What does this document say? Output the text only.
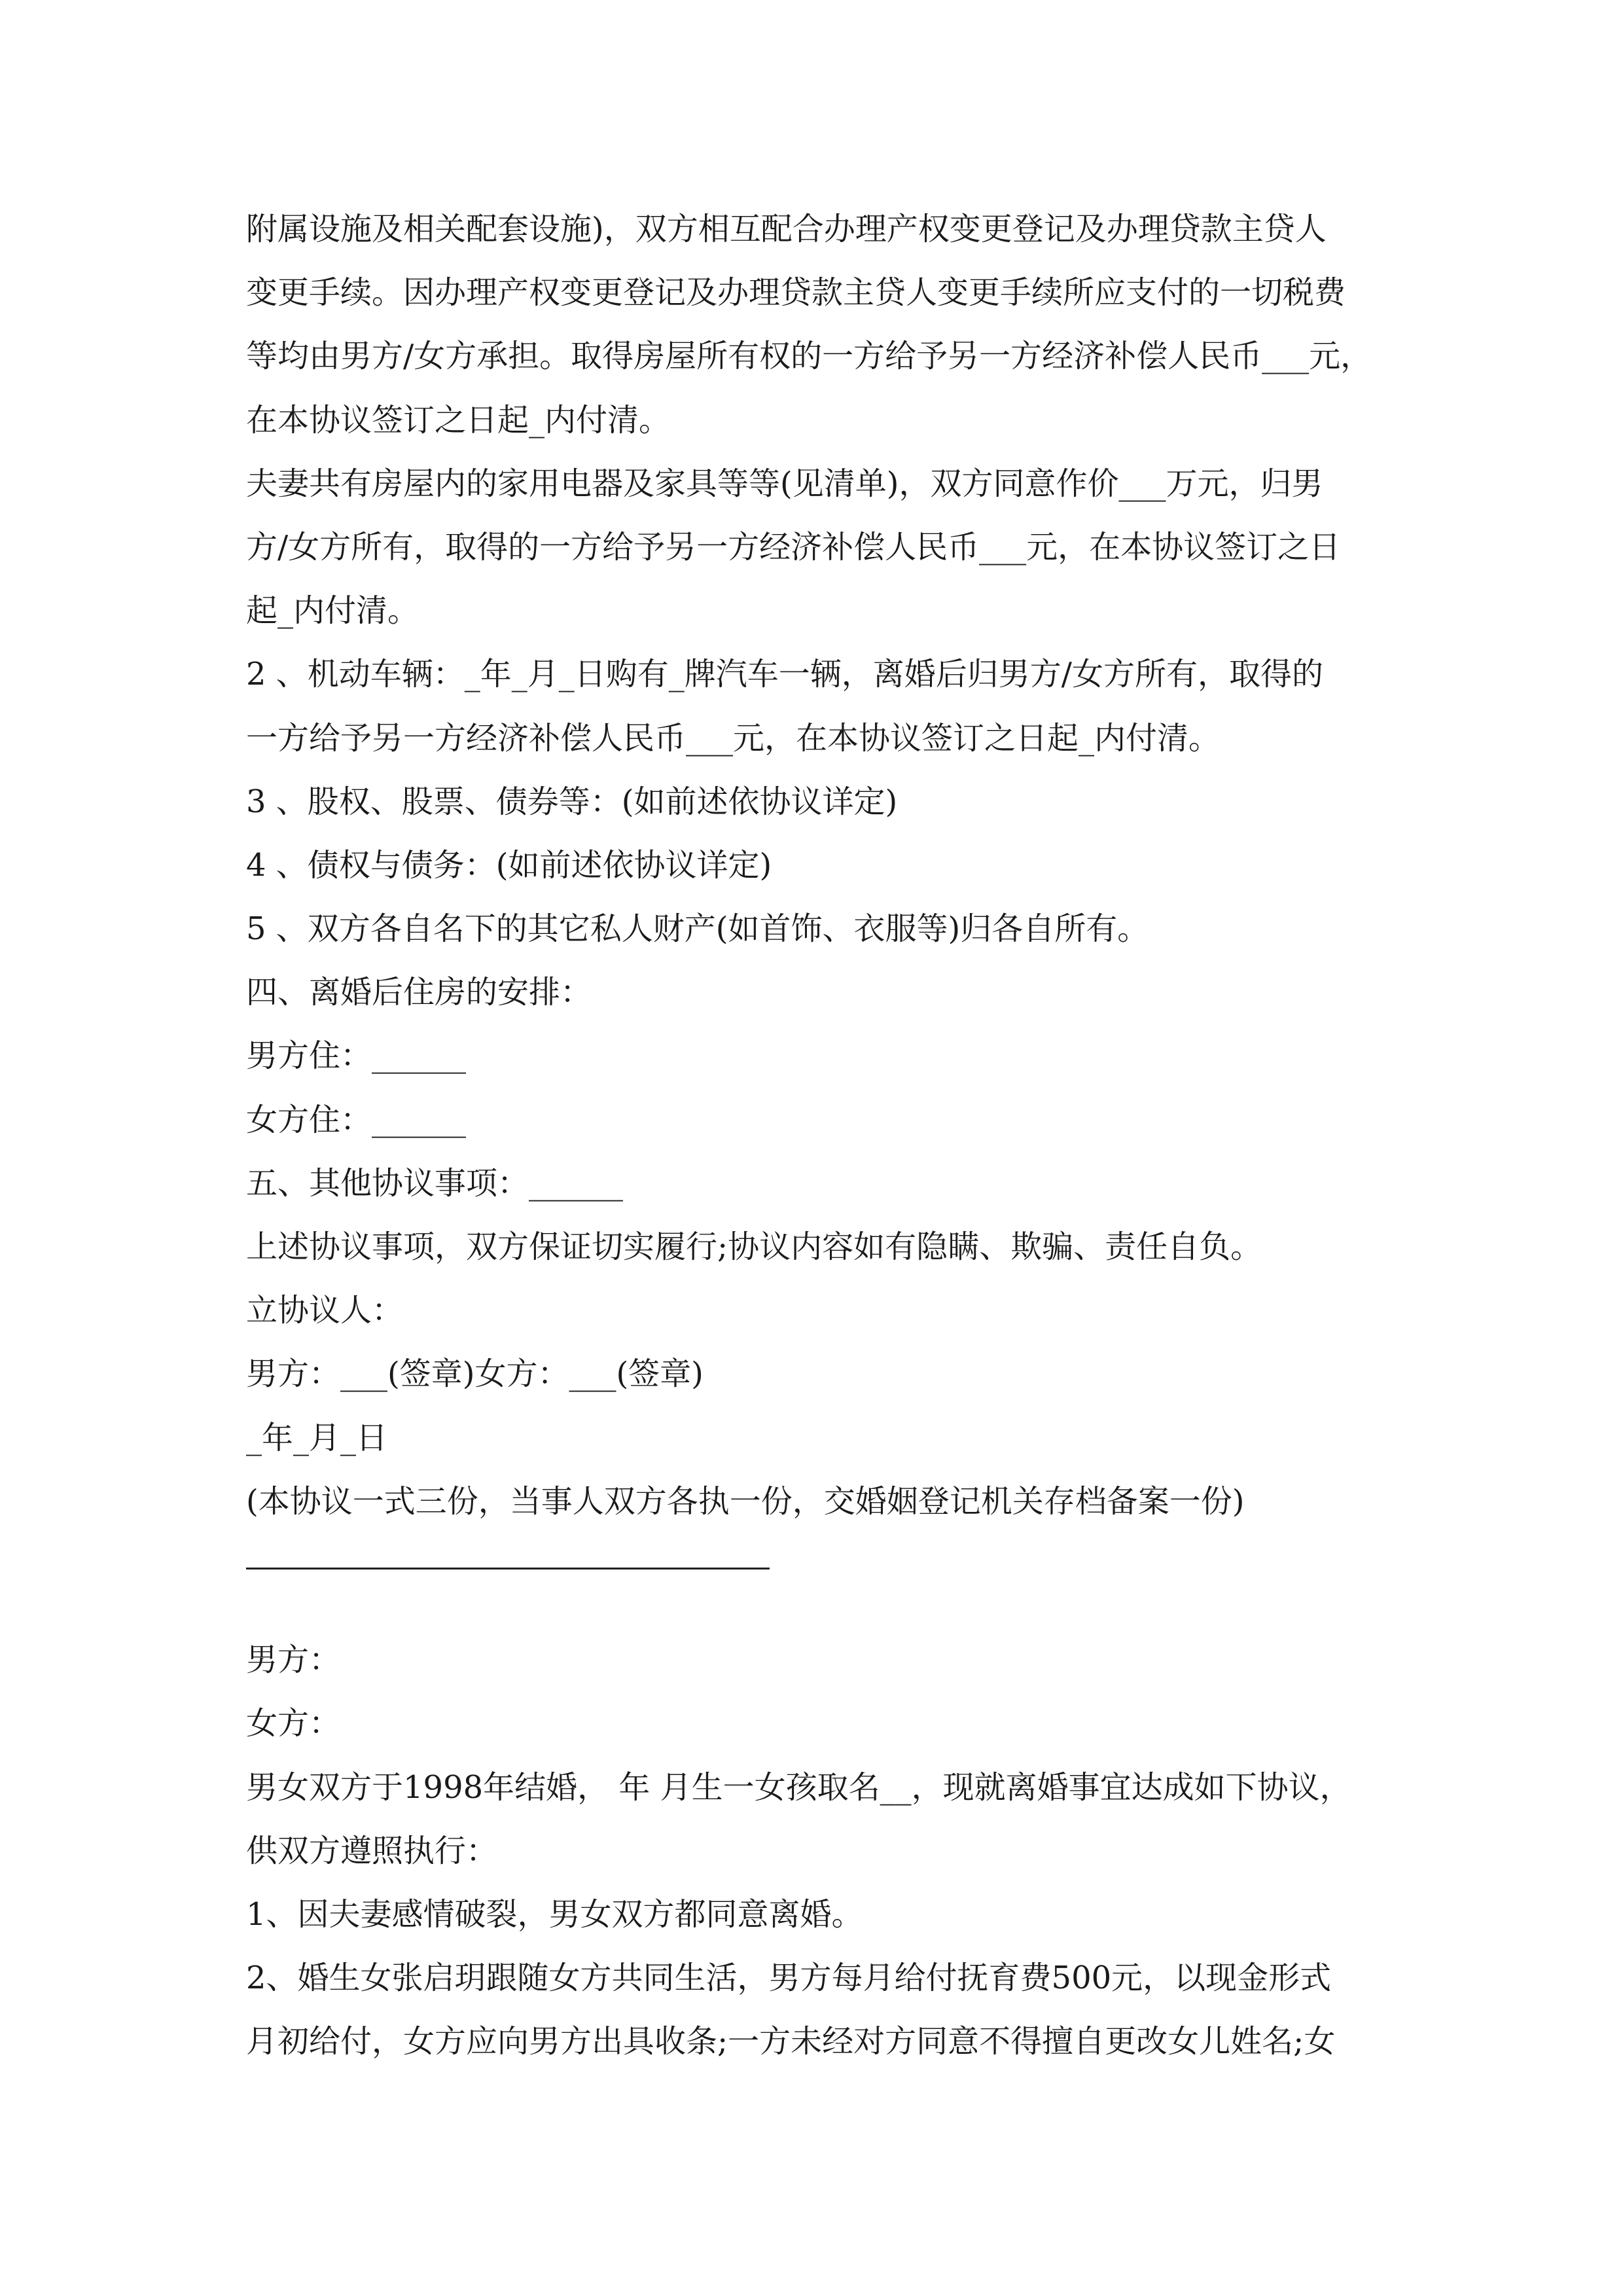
附属设施及相关配套设施)，双方相互配合办理产权变更登记及办理贷款主贷人
变更手续。因办理产权变更登记及办理贷款主贷人变更手续所应支付的一切税费
等均由男方/女方承担。取得房屋所有权的一方给予另一方经济补偿人民币___元，
在本协议签订之日起_内付清。
夫妻共有房屋内的家用电器及家具等等(见清单)，双方同意作价___万元，归男
方/女方所有，取得的一方给予另一方经济补偿人民币___元，在本协议签订之日
起_内付清。
2 、机动车辆：_年_月_日购有_牌汽车一辆，离婚后归男方/女方所有，取得的
一方给予另一方经济补偿人民币___元，在本协议签订之日起_内付清。
3 、股权、股票、债券等：(如前述依协议详定)
4 、债权与债务：(如前述依协议详定)
5 、双方各自名下的其它私人财产(如首饰、衣服等)归各自所有。
四、离婚后住房的安排：
男方住：______
女方住：______
五、其他协议事项：______
上述协议事项，双方保证切实履行;协议内容如有隐瞒、欺骗、责任自负。
立协议人：
男方：___(签章)女方：___(签章)
_年_月_日
(本协议一式三份，当事人双方各执一份，交婚姻登记机关存档备案一份)
男方：
女方：
男女双方于1998年结婚， 年 月生一女孩取名__，现就离婚事宜达成如下协议，
供双方遵照执行：
1、因夫妻感情破裂，男女双方都同意离婚。
2、婚生女张启玥跟随女方共同生活，男方每月给付抚育费500元，以现金形式
月初给付，女方应向男方出具收条;一方未经对方同意不得擅自更改女儿姓名;女
